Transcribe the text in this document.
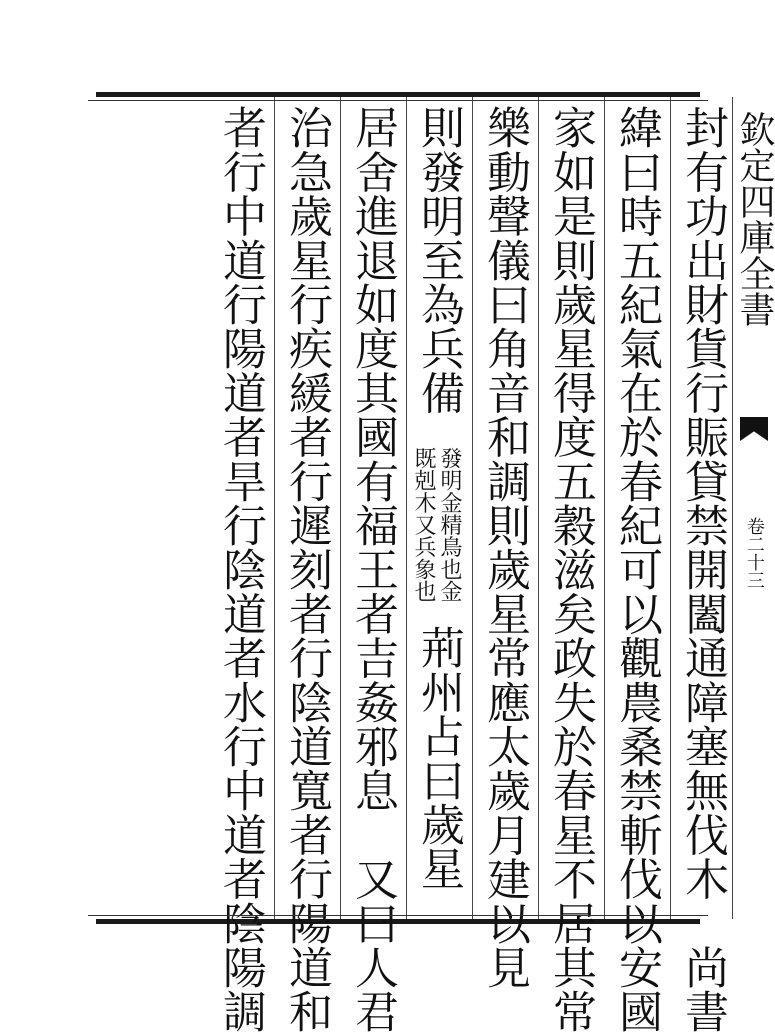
欽定四庫全書
卷二十三
封有功出財貨行賑貸禁開闔通障塞無伐木　尚書
緯曰時五紀氣在於春紀可以觀農桑禁斬伐以安國
家如是則歲星得度五穀滋矣政失於春星不居其常
樂動聲儀曰角音和調則歲星常應太歲月建以見
則發明至為兵備
發明金精鳥也金
既剋木又兵象也
荊州占曰歲星
居舍進退如度其國有福王者吉姦邪息　又曰人君
治急歲星行疾緩者行遲刻者行陰道寬者行陽道和
者行中道行陽道者旱行陰道者水行中道者陰陽調
